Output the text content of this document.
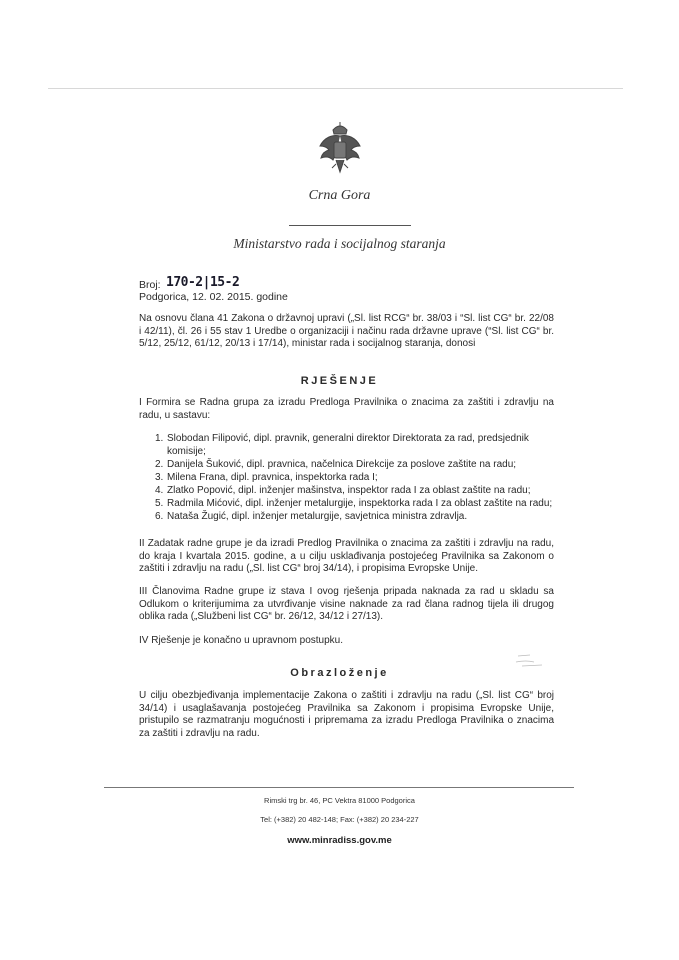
Crna Gora
Ministarstvo rada i socijalnog staranja
Broj: 170-2|15-2
Podgorica, 12. 02. 2015. godine
Na osnovu člana 41 Zakona o državnoj upravi („Sl. list RCG“ br. 38/03 i “Sl. list CG“ br. 22/08 i 42/11), čl. 26 i 55 stav 1 Uredbe o organizaciji i načinu rada državne uprave (“Sl. list CG“ br. 5/12, 25/12, 61/12, 20/13 i 17/14), ministar rada i socijalnog staranja, donosi
RJEŠENJE
I Formira se Radna grupa za izradu Predloga Pravilnika o znacima za zaštiti i zdravlju na radu, u sastavu:
1. Slobodan Filipović, dipl. pravnik, generalni direktor Direktorata za rad, predsjednik komisije;
2. Danijela Šuković, dipl. pravnica, načelnica Direkcije za poslove zaštite na radu;
3. Milena Frana, dipl. pravnica, inspektorka rada I;
4. Zlatko Popović, dipl. inženjer mašinstva, inspektor rada I za oblast zaštite na radu;
5. Radmila Mićović, dipl. inženjer metalurgije, inspektorka rada I za oblast zaštite na radu;
6. Nataša Žugić, dipl. inženjer metalurgije, savjetnica ministra zdravlja.
II Zadatak radne grupe je da izradi Predlog Pravilnika o znacima za zaštiti i zdravlju na radu, do kraja I kvartala 2015. godine, a u cilju usklađivanja postojećeg Pravilnika sa Zakonom o zaštiti i zdravlju na radu („Sl. list CG“ broj 34/14), i propisima Evropske Unije.
III Članovima Radne grupe iz stava I ovog rješenja pripada naknada za rad u skladu sa Odlukom o kriterijumima za utvrđivanje visine naknade za rad člana radnog tijela ili drugog oblika rada („Službeni list CG“ br. 26/12, 34/12 i 27/13).
IV Rješenje je konačno u upravnom postupku.
Obrazloženje
U cilju obezbjeđivanja implementacije Zakona o zaštiti i zdravlju na radu („Sl. list CG“ broj 34/14) i usaglašavanja postojećeg Pravilnika sa Zakonom i propisima Evropske Unije, pristupilo se razmatranju mogućnosti i pripremama za izradu Predloga Pravilnika o znacima za zaštiti i zdravlju na radu.
Rimski trg br. 46, PC Vektra 81000 Podgorica
Tel: (+382) 20 482-148; Fax: (+382) 20 234-227
www.minradiss.gov.me
